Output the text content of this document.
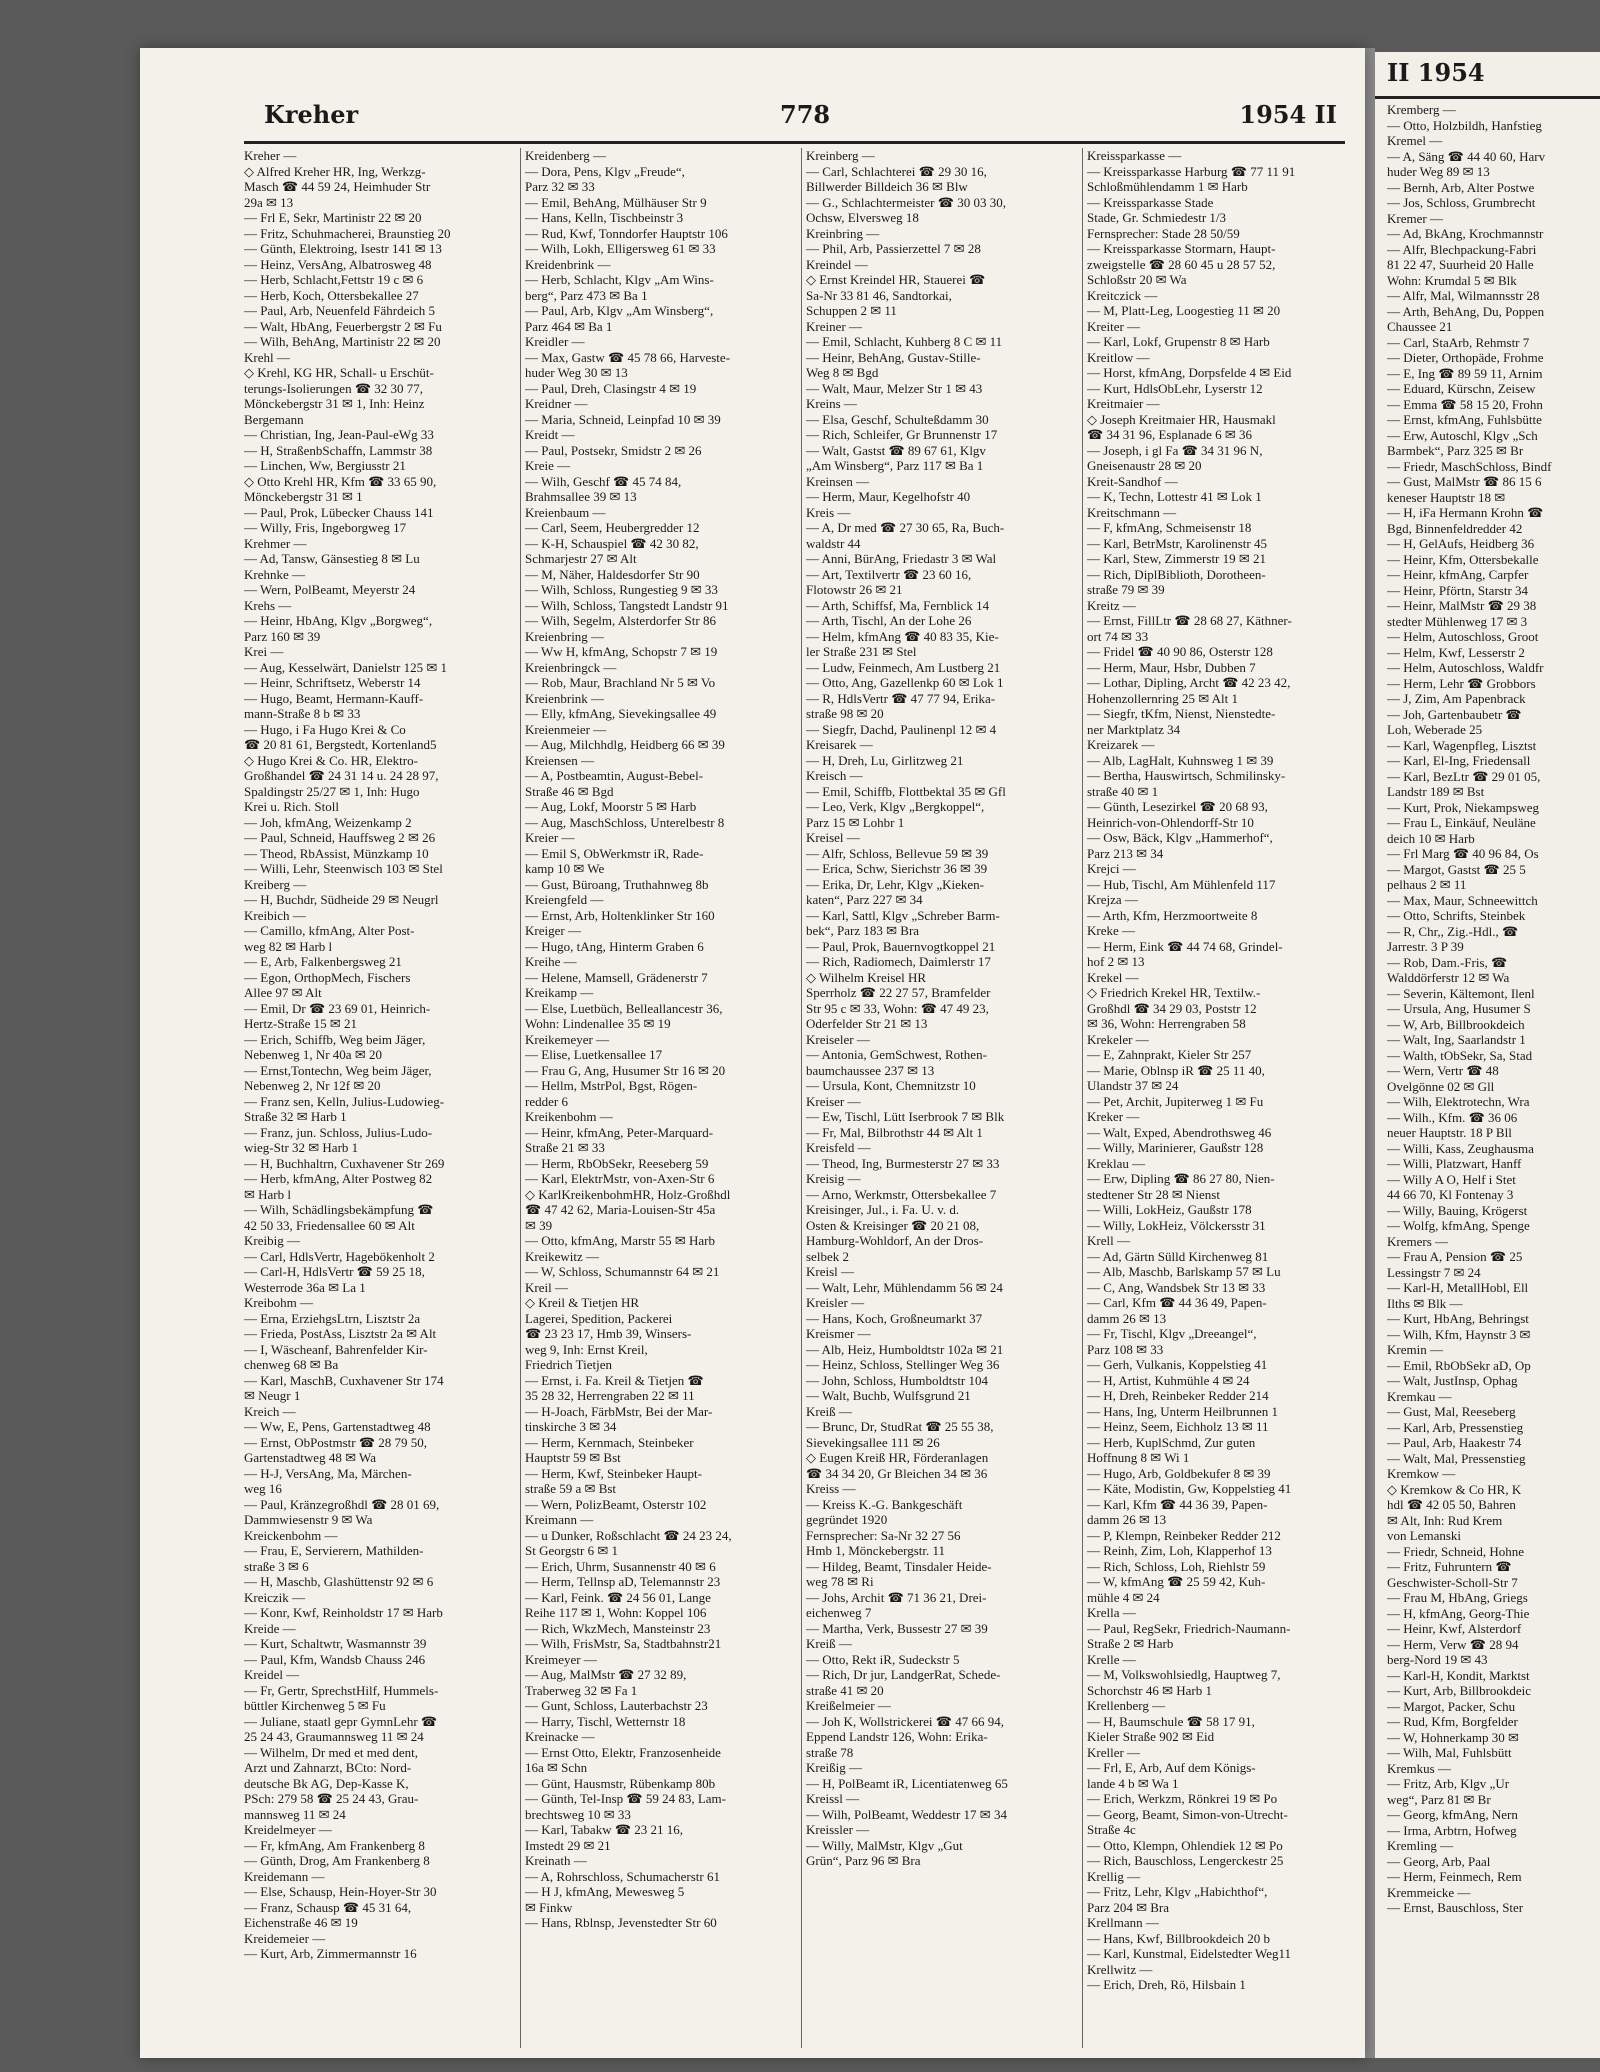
Kreher	778	1954 II
Kreher —
◇ Alfred Kreher HR, Ing, Werkzg-
Masch ☎ 44 59 24, Heimhuder Str
29a ✉ 13
— Frl E, Sekr, Martinistr 22 ✉ 20
— Fritz, Schuhmacherei, Braunstieg 20
— Günth, Elektroing, Isestr 141 ✉ 13
— Heinz, VersAng, Albatrosweg 48
— Herb, Schlacht,Fettstr 19 c ✉ 6
— Herb, Koch, Ottersbekallee 27
— Paul, Arb, Neuenfeld Fährdeich 5
— Walt, HbAng, Feuerbergstr 2 ✉ Fu
— Wilh, BehAng, Martinistr 22 ✉ 20
Krehl —
◇ Krehl, KG HR, Schall- u Erschüt-
terungs-Isolierungen ☎ 32 30 77,
Mönckebergstr 31 ✉ 1, Inh: Heinz
Bergemann
— Christian, Ing, Jean-Paul-eWg 33
— H, StraßenbSchaffn, Lammstr 38
— Linchen, Ww, Bergiusstr 21
◇ Otto Krehl HR, Kfm ☎ 33 65 90,
Mönckebergstr 31 ✉ 1
— Paul, Prok, Lübecker Chauss 141
— Willy, Fris, Ingeborgweg 17
Krehmer —
— Ad, Tansw, Gänsestieg 8 ✉ Lu
Krehnke —
— Wern, PolBeamt, Meyerstr 24
Krehs —
— Heinr, HbAng, Klgv „Borgweg“,
Parz 160 ✉ 39
Krei —
— Aug, Kesselwärt, Danielstr 125 ✉ 1
— Heinr, Schriftsetz, Weberstr 14
— Hugo, Beamt, Hermann-Kauff-
mann-Straße 8 b ✉ 33
— Hugo, i Fa Hugo Krei & Co
☎ 20 81 61, Bergstedt, Kortenland5
◇ Hugo Krei & Co. HR, Elektro-
Großhandel ☎ 24 31 14 u. 24 28 97,
Spaldingstr 25/27 ✉ 1, Inh: Hugo
Krei u. Rich. Stoll
— Joh, kfmAng, Weizenkamp 2
— Paul, Schneid, Hauffsweg 2 ✉ 26
— Theod, RbAssist, Münzkamp 10
— Willi, Lehr, Steenwisch 103 ✉ Stel
Kreiberg —
— H, Buchdr, Südheide 29 ✉ Neugrl
Kreibich —
— Camillo, kfmAng, Alter Post-
weg 82 ✉ Harb l
— E, Arb, Falkenbergsweg 21
— Egon, OrthopMech, Fischers
Allee 97 ✉ Alt
— Emil, Dr ☎ 23 69 01, Heinrich-
Hertz-Straße 15 ✉ 21
— Erich, Schiffb, Weg beim Jäger,
Nebenweg 1, Nr 40a ✉ 20
— Ernst,Tontechn, Weg beim Jäger,
Nebenweg 2, Nr 12f ✉ 20
— Franz sen, Kelln, Julius-Ludowieg-
Straße 32 ✉ Harb 1
— Franz, jun. Schloss, Julius-Ludo-
wieg-Str 32 ✉ Harb 1
— H, Buchhaltrn, Cuxhavener Str 269
— Herb, kfmAng, Alter Postweg 82
✉ Harb l
— Wilh, Schädlingsbekämpfung ☎
42 50 33, Friedensallee 60 ✉ Alt
Kreibig —
— Carl, HdlsVertr, Hagebökenholt 2
— Carl-H, HdlsVertr ☎ 59 25 18,
Westerrode 36a ✉ La 1
Kreibohm —
— Erna, ErziehgsLtrn, Lisztstr 2a
— Frieda, PostAss, Lisztstr 2a ✉ Alt
— I, Wäscheanf, Bahrenfelder Kir-
chenweg 68 ✉ Ba
— Karl, MaschB, Cuxhavener Str 174
✉ Neugr 1
Kreich —
— Ww, E, Pens, Gartenstadtweg 48
— Ernst, ObPostmstr ☎ 28 79 50,
Gartenstadtweg 48 ✉ Wa
— H-J, VersAng, Ma, Märchen-
weg 16
— Paul, Kränzegroßhdl ☎ 28 01 69,
Dammwiesenstr 9 ✉ Wa
Kreickenbohm —
— Frau, E, Servierern, Mathilden-
straße 3 ✉ 6
— H, Maschb, Glashüttenstr 92 ✉ 6
Kreiczik —
— Konr, Kwf, Reinholdstr 17 ✉ Harb
Kreide —
— Kurt, Schaltwtr, Wasmannstr 39
— Paul, Kfm, Wandsb Chauss 246
Kreidel —
— Fr, Gertr, SprechstHilf, Hummels-
büttler Kirchenweg 5 ✉ Fu
— Juliane, staatl gepr GymnLehr ☎
25 24 43, Graumannsweg 11 ✉ 24
— Wilhelm, Dr med et med dent,
Arzt und Zahnarzt, BCto: Nord-
deutsche Bk AG, Dep-Kasse K,
PSch: 279 58 ☎ 25 24 43, Grau-
mannsweg 11 ✉ 24
Kreidelmeyer —
— Fr, kfmAng, Am Frankenberg 8
— Günth, Drog, Am Frankenberg 8
Kreidemann —
— Else, Schausp, Hein-Hoyer-Str 30
— Franz, Schausp ☎ 45 31 64,
Eichenstraße 46 ✉ 19
Kreidemeier —
— Kurt, Arb, Zimmermannstr 16
Kreidenberg —
— Dora, Pens, Klgv „Freude“,
Parz 32 ✉ 33
— Emil, BehAng, Mülhäuser Str 9
— Hans, Kelln, Tischbeinstr 3
— Rud, Kwf, Tonndorfer Hauptstr 106
— Wilh, Lokh, Elligersweg 61 ✉ 33
Kreidenbrink —
— Herb, Schlacht, Klgv „Am Wins-
berg“, Parz 473 ✉ Ba 1
— Paul, Arb, Klgv „Am Winsberg“,
Parz 464 ✉ Ba 1
Kreidler —
— Max, Gastw ☎ 45 78 66, Harveste-
huder Weg 30 ✉ 13
— Paul, Dreh, Clasingstr 4 ✉ 19
Kreidner —
— Maria, Schneid, Leinpfad 10 ✉ 39
Kreidt —
— Paul, Postsekr, Smidstr 2 ✉ 26
Kreie —
— Wilh, Geschf ☎ 45 74 84,
Brahmsallee 39 ✉ 13
Kreienbaum —
— Carl, Seem, Heubergredder 12
— K-H, Schauspiel ☎ 42 30 82,
Schmarjestr 27 ✉ Alt
— M, Näher, Haldesdorfer Str 90
— Wilh, Schloss, Rungestieg 9 ✉ 33
— Wilh, Schloss, Tangstedt Landstr 91
— Wilh, Segelm, Alsterdorfer Str 86
Kreienbring —
— Ww H, kfmAng, Schopstr 7 ✉ 19
Kreienbringck —
— Rob, Maur, Brachland Nr 5 ✉ Vo
Kreienbrink —
— Elly, kfmAng, Sievekingsallee 49
Kreienmeier —
— Aug, Milchhdlg, Heidberg 66 ✉ 39
Kreiensen —
— A, Postbeamtin, August-Bebel-
Straße 46 ✉ Bgd
— Aug, Lokf, Moorstr 5 ✉ Harb
— Aug, MaschSchloss, Unterelbestr 8
Kreier —
— Emil S, ObWerkmstr iR, Rade-
kamp 10 ✉ We
— Gust, Büroang, Truthahnweg 8b
Kreiengfeld —
— Ernst, Arb, Holtenklinker Str 160
Kreiger —
— Hugo, tAng, Hinterm Graben 6
Kreihe —
— Helene, Mamsell, Grädenerstr 7
Kreikamp —
— Else, Luetbüch, Belleallancestr 36,
Wohn: Lindenallee 35 ✉ 19
Kreikemeyer —
— Elise, Luetkensallee 17
— Frau G, Ang, Husumer Str 16 ✉ 20
— Hellm, MstrPol, Bgst, Rögen-
redder 6
Kreikenbohm —
— Heinr, kfmAng, Peter-Marquard-
Straße 21 ✉ 33
— Herm, RbObSekr, Reeseberg 59
— Karl, ElektrMstr, von-Axen-Str 6
◇ KarlKreikenbohmHR, Holz-Großhdl
☎ 47 42 62, Maria-Louisen-Str 45a
✉ 39
— Otto, kfmAng, Marstr 55 ✉ Harb
Kreikewitz —
— W, Schloss, Schumannstr 64 ✉ 21
Kreil —
◇ Kreil & Tietjen HR
Lagerei, Spedition, Packerei
☎ 23 23 17, Hmb 39, Winsers-
weg 9, Inh: Ernst Kreil,
Friedrich Tietjen
— Ernst, i. Fa. Kreil & Tietjen ☎
35 28 32, Herrengraben 22 ✉ 11
— H-Joach, FärbMstr, Bei der Mar-
tinskirche 3 ✉ 34
— Herm, Kernmach, Steinbeker
Hauptstr 59 ✉ Bst
— Herm, Kwf, Steinbeker Haupt-
straße 59 a ✉ Bst
— Wern, PolizBeamt, Osterstr 102
Kreimann —
— u Dunker, Roßschlacht ☎ 24 23 24,
St Georgstr 6 ✉ 1
— Erich, Uhrm, Susannenstr 40 ✉ 6
— Herm, Tellnsp aD, Telemannstr 23
— Karl, Feink. ☎ 24 56 01, Lange
Reihe 117 ✉ 1, Wohn: Koppel 106
— Rich, WkzMech, Mansteinstr 23
— Wilh, FrisMstr, Sa, Stadtbahnstr21
Kreimeyer —
— Aug, MalMstr ☎ 27 32 89,
Traberweg 32 ✉ Fa 1
— Gunt, Schloss, Lauterbachstr 23
— Harry, Tischl, Wetternstr 18
Kreinacke —
— Ernst Otto, Elektr, Franzosenheide
16a ✉ Schn
— Günt, Hausmstr, Rübenkamp 80b
— Günth, Tel-Insp ☎ 59 24 83, Lam-
brechtsweg 10 ✉ 33
— Karl, Tabakw ☎ 23 21 16,
Imstedt 29 ✉ 21
Kreinath —
— A, Rohrschloss, Schumacherstr 61
— H J, kfmAng, Mewesweg 5
✉ Finkw
— Hans, Rblnsp, Jevenstedter Str 60
Kreinberg —
— Carl, Schlachterei ☎ 29 30 16,
Billwerder Billdeich 36 ✉ Blw
— G., Schlachtermeister ☎ 30 03 30,
Ochsw, Elversweg 18
Kreinbring —
— Phil, Arb, Passierzettel 7 ✉ 28
Kreindel —
◇ Ernst Kreindel HR, Stauerei ☎
Sa-Nr 33 81 46, Sandtorkai,
Schuppen 2 ✉ 11
Kreiner —
— Emil, Schlacht, Kuhberg 8 C ✉ 11
— Heinr, BehAng, Gustav-Stille-
Weg 8 ✉ Bgd
— Walt, Maur, Melzer Str 1 ✉ 43
Kreins —
— Elsa, Geschf, Schulteßdamm 30
— Rich, Schleifer, Gr Brunnenstr 17
— Walt, Gastst ☎ 89 67 61, Klgv
„Am Winsberg“, Parz 117 ✉ Ba 1
Kreinsen —
— Herm, Maur, Kegelhofstr 40
Kreis —
— A, Dr med ☎ 27 30 65, Ra, Buch-
waldstr 44
— Anni, BürAng, Friedastr 3 ✉ Wal
— Art, Textilvertr ☎ 23 60 16,
Flotowstr 26 ✉ 21
— Arth, Schiffsf, Ma, Fernblick 14
— Arth, Tischl, An der Lohe 26
— Helm, kfmAng ☎ 40 83 35, Kie-
ler Straße 231 ✉ Stel
— Ludw, Feinmech, Am Lustberg 21
— Otto, Ang, Gazellenkp 60 ✉ Lok 1
— R, HdlsVertr ☎ 47 77 94, Erika-
straße 98 ✉ 20
— Siegfr, Dachd, Paulinenpl 12 ✉ 4
Kreisarek —
— H, Dreh, Lu, Girlitzweg 21
Kreisch —
— Emil, Schiffb, Flottbektal 35 ✉ Gfl
— Leo, Verk, Klgv „Bergkoppel“,
Parz 15 ✉ Lohbr 1
Kreisel —
— Alfr, Schloss, Bellevue 59 ✉ 39
— Erica, Schw, Sierichstr 36 ✉ 39
— Erika, Dr, Lehr, Klgv „Kieken-
katen“, Parz 227 ✉ 34
— Karl, Sattl, Klgv „Schreber Barm-
bek“, Parz 183 ✉ Bra
— Paul, Prok, Bauernvogtkoppel 21
— Rich, Radiomech, Daimlerstr 17
◇ Wilhelm Kreisel HR
Sperrholz ☎ 22 27 57, Bramfelder
Str 95 c ✉ 33, Wohn: ☎ 47 49 23,
Oderfelder Str 21 ✉ 13
Kreiseler —
— Antonia, GemSchwest, Rothen-
baumchaussee 237 ✉ 13
— Ursula, Kont, Chemnitzstr 10
Kreiser —
— Ew, Tischl, Lütt Iserbrook 7 ✉ Blk
— Fr, Mal, Bilbrothstr 44 ✉ Alt 1
Kreisfeld —
— Theod, Ing, Burmesterstr 27 ✉ 33
Kreisig —
— Arno, Werkmstr, Ottersbekallee 7
Kreisinger, Jul., i. Fa. U. v. d.
Osten & Kreisinger ☎ 20 21 08,
Hamburg-Wohldorf, An der Dros-
selbek 2
Kreisl —
— Walt, Lehr, Mühlendamm 56 ✉ 24
Kreisler —
— Hans, Koch, Großneumarkt 37
Kreismer —
— Alb, Heiz, Humboldtstr 102a ✉ 21
— Heinz, Schloss, Stellinger Weg 36
— John, Schloss, Humboldtstr 104
— Walt, Buchb, Wulfsgrund 21
Kreiß —
— Brunc, Dr, StudRat ☎ 25 55 38,
Sievekingsallee 111 ✉ 26
◇ Eugen Kreiß HR, Förderanlagen
☎ 34 34 20, Gr Bleichen 34 ✉ 36
Kreiss —
— Kreiss K.-G. Bankgeschäft
gegründet 1920
Fernsprecher: Sa-Nr 32 27 56
Hmb 1, Mönckebergstr. 11
— Hildeg, Beamt, Tinsdaler Heide-
weg 78 ✉ Ri
— Johs, Archit ☎ 71 36 21, Drei-
eichenweg 7
— Martha, Verk, Bussestr 27 ✉ 39
Kreiß —
— Otto, Rekt iR, Sudeckstr 5
— Rich, Dr jur, LandgerRat, Schede-
straße 41 ✉ 20
Kreißelmeier —
— Joh K, Wollstrickerei ☎ 47 66 94,
Eppend Landstr 126, Wohn: Erika-
straße 78
Kreißig —
— H, PolBeamt iR, Licentiatenweg 65
Kreissl —
— Wilh, PolBeamt, Weddestr 17 ✉ 34
Kreissler —
— Willy, MalMstr, Klgv „Gut
Grün“, Parz 96 ✉ Bra
Kreissparkasse —
— Kreissparkasse Harburg ☎ 77 11 91
Schloßmühlendamm 1 ✉ Harb
— Kreissparkasse Stade
Stade, Gr. Schmiedestr 1/3
Fernsprecher: Stade 28 50/59
— Kreissparkasse Stormarn, Haupt-
zweigstelle ☎ 28 60 45 u 28 57 52,
Schloßstr 20 ✉ Wa
Kreitczick —
— M, Platt-Leg, Loogestieg 11 ✉ 20
Kreiter —
— Karl, Lokf, Grupenstr 8 ✉ Harb
Kreitlow —
— Horst, kfmAng, Dorpsfelde 4 ✉ Eid
— Kurt, HdlsObLehr, Lyserstr 12
Kreitmaier —
◇ Joseph Kreitmaier HR, Hausmakl
☎ 34 31 96, Esplanade 6 ✉ 36
— Joseph, i gl Fa ☎ 34 31 96 N,
Gneisenaustr 28 ✉ 20
Kreit-Sandhof —
— K, Techn, Lottestr 41 ✉ Lok 1
Kreitschmann —
— F, kfmAng, Schmeisenstr 18
— Karl, BetrMstr, Karolinenstr 45
— Karl, Stew, Zimmerstr 19 ✉ 21
— Rich, DiplBiblioth, Dorotheen-
straße 79 ✉ 39
Kreitz —
— Ernst, FillLtr ☎ 28 68 27, Käthner-
ort 74 ✉ 33
— Fridel ☎ 40 90 86, Osterstr 128
— Herm, Maur, Hsbr, Dubben 7
— Lothar, Dipling, Archt ☎ 42 23 42,
Hohenzollernring 25 ✉ Alt 1
— Siegfr, tKfm, Nienst, Nienstedte-
ner Marktplatz 34
Kreizarek —
— Alb, LagHalt, Kuhnsweg 1 ✉ 39
— Bertha, Hauswirtsch, Schmilinsky-
straße 40 ✉ 1
— Günth, Lesezirkel ☎ 20 68 93,
Heinrich-von-Ohlendorff-Str 10
— Osw, Bäck, Klgv „Hammerhof“,
Parz 213 ✉ 34
Krejci —
— Hub, Tischl, Am Mühlenfeld 117
Krejza —
— Arth, Kfm, Herzmoortweite 8
Kreke —
— Herm, Eink ☎ 44 74 68, Grindel-
hof 2 ✉ 13
Krekel —
◇ Friedrich Krekel HR, Textilw.-
Großhdl ☎ 34 29 03, Poststr 12
✉ 36, Wohn: Herrengraben 58
Krekeler —
— E, Zahnprakt, Kieler Str 257
— Marie, Oblnsp iR ☎ 25 11 40,
Ulandstr 37 ✉ 24
— Pet, Archit, Jupiterweg 1 ✉ Fu
Kreker —
— Walt, Exped, Abendrothsweg 46
— Willy, Marinierer, Gaußstr 128
Kreklau —
— Erw, Dipling ☎ 86 27 80, Nien-
stedtener Str 28 ✉ Nienst
— Willi, LokHeiz, Gaußstr 178
— Willy, LokHeiz, Völckersstr 31
Krell —
— Ad, Gärtn Sülld Kirchenweg 81
— Alb, Maschb, Barlskamp 57 ✉ Lu
— C, Ang, Wandsbek Str 13 ✉ 33
— Carl, Kfm ☎ 44 36 49, Papen-
damm 26 ✉ 13
— Fr, Tischl, Klgv „Dreeangel“,
Parz 108 ✉ 33
— Gerh, Vulkanis, Koppelstieg 41
— H, Artist, Kuhmühle 4 ✉ 24
— H, Dreh, Reinbeker Redder 214
— Hans, Ing, Unterm Heilbrunnen 1
— Heinz, Seem, Eichholz 13 ✉ 11
— Herb, KuplSchmd, Zur guten
Hoffnung 8 ✉ Wi 1
— Hugo, Arb, Goldbekufer 8 ✉ 39
— Käte, Modistin, Gw, Koppelstieg 41
— Karl, Kfm ☎ 44 36 39, Papen-
damm 26 ✉ 13
— P, Klempn, Reinbeker Redder 212
— Reinh, Zim, Loh, Klapperhof 13
— Rich, Schloss, Loh, Riehlstr 59
— W, kfmAng ☎ 25 59 42, Kuh-
mühle 4 ✉ 24
Krella —
— Paul, RegSekr, Friedrich-Naumann-
Straße 2 ✉ Harb
Krelle —
— M, Volkswohlsiedlg, Hauptweg 7,
Schorchstr 46 ✉ Harb 1
Krellenberg —
— H, Baumschule ☎ 58 17 91,
Kieler Straße 902 ✉ Eid
Kreller —
— Frl, E, Arb, Auf dem Königs-
lande 4 b ✉ Wa 1
— Erich, Werkzm, Rönkrei 19 ✉ Po
— Georg, Beamt, Simon-von-Utrecht-
Straße 4c
— Otto, Klempn, Ohlendiek 12 ✉ Po
— Rich, Bauschloss, Lengerckestr 25
Krellig —
— Fritz, Lehr, Klgv „Habichthof“,
Parz 204 ✉ Bra
Krellmann —
— Hans, Kwf, Billbrookdeich 20 b
— Karl, Kunstmal, Eidelstedter Weg11
Krellwitz —
— Erich, Dreh, Rö, Hilsbain 1
II 1954
Kremberg —
— Otto, Holzbildh, Hanfstieg
Kremel —
— A, Säng ☎ 44 40 60, Harv
huder Weg 89 ✉ 13
— Bernh, Arb, Alter Postwe
— Jos, Schloss, Grumbrecht
Kremer —
— Ad, BkAng, Krochmannstr
— Alfr, Blechpackung-Fabri
81 22 47, Suurheid 20 Halle
Wohn: Krumdal 5 ✉ Blk
— Alfr, Mal, Wilmannsstr 28
— Arth, BehAng, Du, Poppen
Chaussee 21
— Carl, StaArb, Rehmstr 7
— Dieter, Orthopäde, Frohme
— E, Ing ☎ 89 59 11, Arnim
— Eduard, Kürschn, Zeisew
— Emma ☎ 58 15 20, Frohn
— Ernst, kfmAng, Fuhlsbütte
— Erw, Autoschl, Klgv „Sch
Barmbek“, Parz 325 ✉ Br
— Friedr, MaschSchloss, Bindf
— Gust, MalMstr ☎ 86 15 6
keneser Hauptstr 18 ✉
— H, iFa Hermann Krohn ☎
Bgd, Binnenfeldredder 42
— H, GelAufs, Heidberg 36
— Heinr, Kfm, Ottersbekalle
— Heinr, kfmAng, Carpfer
— Heinr, Pförtn, Starstr 34
— Heinr, MalMstr ☎ 29 38
stedter Mühlenweg 17 ✉ 3
— Helm, Autoschloss, Groot
— Helm, Kwf, Lesserstr 2
— Helm, Autoschloss, Waldfr
— Herm, Lehr ☎ Grobbors
— J, Zim, Am Papenbrack
— Joh, Gartenbaubetr ☎
Loh, Weberade 25
— Karl, Wagenpfleg, Lisztst
— Karl, El-Ing, Friedensall
— Karl, BezLtr ☎ 29 01 05,
Landstr 189 ✉ Bst
— Kurt, Prok, Niekampsweg
— Frau L, Einkäuf, Neuläne
deich 10 ✉ Harb
— Frl Marg ☎ 40 96 84, Os
— Margot, Gastst ☎ 25 5
pelhaus 2 ✉ 11
— Max, Maur, Schneewittch
— Otto, Schrifts, Steinbek
— R, Chr,, Zig.-Hdl., ☎
Jarrestr. 3 P 39
— Rob, Dam.-Fris, ☎
Walddörferstr 12 ✉ Wa
— Severin, Kältemont, Ilenl
— Ursula, Ang, Husumer S
— W, Arb, Billbrookdeich
— Walt, Ing, Saarlandstr 1
— Walth, tObSekr, Sa, Stad
— Wern, Vertr ☎ 48
Ovelgönne 02 ✉ Gll
— Wilh, Elektrotechn, Wra
— Wilh., Kfm. ☎ 36 06
neuer Hauptstr. 18 P Bll
— Willi, Kass, Zeughausma
— Willi, Platzwart, Hanff
— Willy A O, Helf i Stet
44 66 70, Kl Fontenay 3
— Willy, Bauing, Krögerst
— Wolfg, kfmAng, Spenge
Kremers —
— Frau A, Pension ☎ 25
Lessingstr 7 ✉ 24
— Karl-H, MetallHobl, Ell
Ilths ✉ Blk —
— Kurt, HbAng, Behringst
— Wilh, Kfm, Haynstr 3 ✉
Kremin —
— Emil, RbObSekr aD, Op
— Walt, JustInsp, Ophag
Kremkau —
— Gust, Mal, Reeseberg
— Karl, Arb, Pressenstieg
— Paul, Arb, Haakestr 74
— Walt, Mal, Pressenstieg
Kremkow —
◇ Kremkow & Co HR, K
hdl ☎ 42 05 50, Bahren
✉ Alt, Inh: Rud Krem
von Lemanski
— Friedr, Schneid, Hohne
— Fritz, Fuhruntern ☎
Geschwister-Scholl-Str 7
— Frau M, HbAng, Griegs
— H, kfmAng, Georg-Thie
— Heinr, Kwf, Alsterdorf
— Herm, Verw ☎ 28 94
berg-Nord 19 ✉ 43
— Karl-H, Kondit, Marktst
— Kurt, Arb, Billbrookdeic
— Margot, Packer, Schu
— Rud, Kfm, Borgfelder
— W, Hohnerkamp 30 ✉
— Wilh, Mal, Fuhlsbütt
Kremkus —
— Fritz, Arb, Klgv „Ur
weg“, Parz 81 ✉ Br
— Georg, kfmAng, Nern
— Irma, Arbtrn, Hofweg
Kremling —
— Georg, Arb, Paal
— Herm, Feinmech, Rem
Kremmeicke —
— Ernst, Bauschloss, Ster
